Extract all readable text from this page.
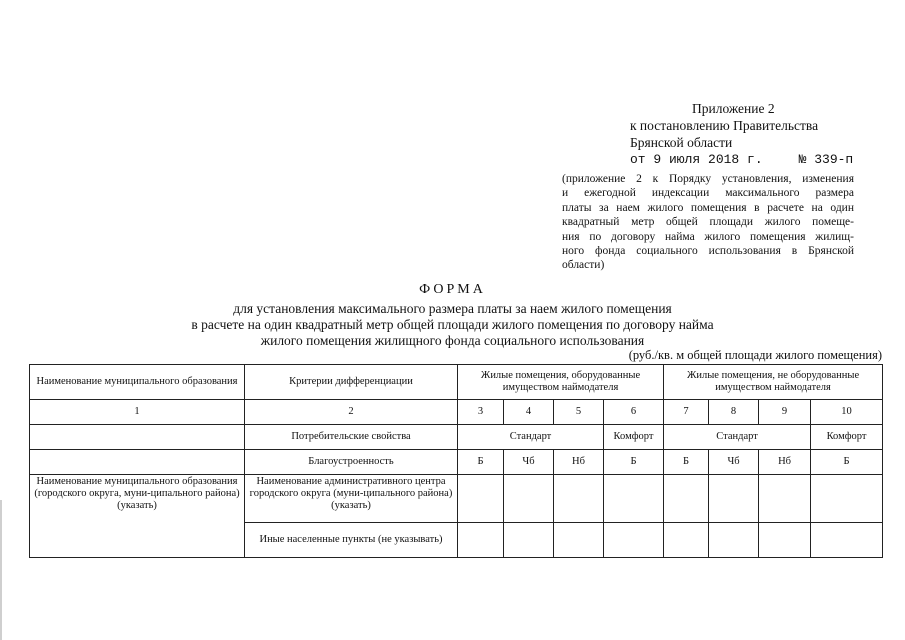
Приложение 2
к постановлению Правительства
Брянской области
от 9 июля 2018 г.	№ 339-п
(приложение 2 к Порядку установления, изменения
и ежегодной индексации максимального размера
платы за наем жилого помещения в расчете на один
квадратный метр общей площади жилого помеще-
ния по договору найма жилого помещения жилищ-
ного фонда социального использования в Брянской
области)
ФОРМА
для установления максимального размера платы за наем жилого помещения
в расчете на один квадратный метр общей площади жилого помещения по договору найма
жилого помещения жилищного фонда социального использования
(руб./кв. м общей площади жилого помещения)
Наименование муниципального образования	Критерии дифференциации	Жилые помещения, оборудованные имуществом наймодателя				Жилые помещения, не оборудованные имуществом наймодателя			
1	2	3	4	5	6	7	8	9	10
	Потребительские свойства	Стандарт			Комфорт	Стандарт			Комфорт
	Благоустроенность	Б	Чб	Нб	Б	Б	Чб	Нб	Б
Наименование муниципального образования (городского округа, муни-ципального района) (указать)	Наименование административного центра городского округа (муни-ципального района) (указать)								
	Иные населенные пункты (не указывать)								
